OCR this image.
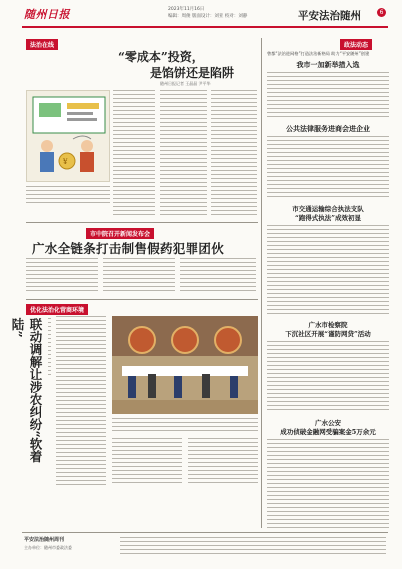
随州日报	2023年11月16日
编辑：周俊 版面设计：刘亚 校对：刘静	平安法治随州	6
法治在线
“零成本”投资，
是馅饼还是陷阱
随州日报记者 王晶晶 尹平华
¥
市中院召开新闻发布会
广水全链条打击制售假药犯罪团伙
优化法治化营商环境
联动调解让涉农纠纷“软着陆”
政法动态
曾都“法治进网格”打造法治新格局 助力“平安随州”创建
我市一加新举措入选
公共法律服务进商会进企业
市交通运输综合执法支队
“跑得式执法”成效初显
广水市检察院
下沉社区开展“谨防网贷”活动
广水公安
成功侦破金融网受骗案金5万余元
平安法治随州周刊
主办单位：随州市委政法委
